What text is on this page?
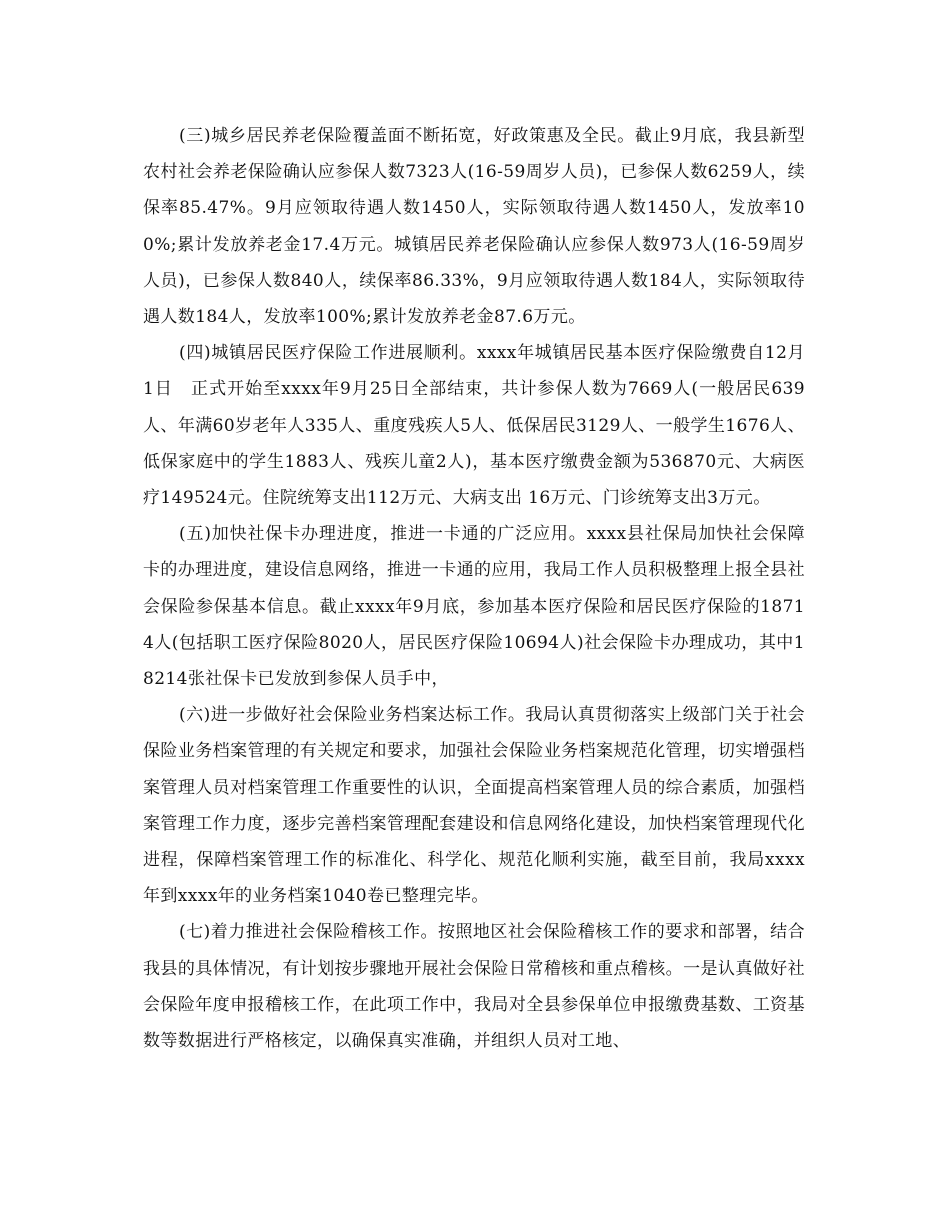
(三)城乡居民养老保险覆盖面不断拓宽，好政策惠及全民。截止9月底，我县新型农村社会养老保险确认应参保人数7323人(16-59周岁人员)，已参保人数6259人，续保率85.47%。9月应领取待遇人数1450人，实际领取待遇人数1450人，发放率100%;累计发放养老金17.4万元。城镇居民养老保险确认应参保人数973人(16-59周岁人员)，已参保人数840人，续保率86.33%，9月应领取待遇人数184人，实际领取待遇人数184人，发放率100%;累计发放养老金87.6万元。

(四)城镇居民医疗保险工作进展顺利。xxxx年城镇居民基本医疗保险缴费自12月1日　正式开始至xxxx年9月25日全部结束，共计参保人数为7669人(一般居民639人、年满60岁老年人335人、重度残疾人5人、低保居民3129人、一般学生1676人、低保家庭中的学生1883人、残疾儿童2人)，基本医疗缴费金额为536870元、大病医疗149524元。住院统筹支出112万元、大病支出 16万元、门诊统筹支出3万元。

(五)加快社保卡办理进度，推进一卡通的广泛应用。xxxx县社保局加快社会保障卡的办理进度，建设信息网络，推进一卡通的应用，我局工作人员积极整理上报全县社会保险参保基本信息。截止xxxx年9月底，参加基本医疗保险和居民医疗保险的18714人(包括职工医疗保险8020人，居民医疗保险10694人)社会保险卡办理成功，其中18214张社保卡已发放到参保人员手中，

(六)进一步做好社会保险业务档案达标工作。我局认真贯彻落实上级部门关于社会保险业务档案管理的有关规定和要求，加强社会保险业务档案规范化管理，切实增强档案管理人员对档案管理工作重要性的认识，全面提高档案管理人员的综合素质，加强档案管理工作力度，逐步完善档案管理配套建设和信息网络化建设，加快档案管理现代化进程，保障档案管理工作的标准化、科学化、规范化顺利实施，截至目前，我局xxxx年到xxxx年的业务档案1040卷已整理完毕。

(七)着力推进社会保险稽核工作。按照地区社会保险稽核工作的要求和部署，结合我县的具体情况，有计划按步骤地开展社会保险日常稽核和重点稽核。一是认真做好社会保险年度申报稽核工作，在此项工作中，我局对全县参保单位申报缴费基数、工资基数等数据进行严格核定，以确保真实准确，并组织人员对工地、
